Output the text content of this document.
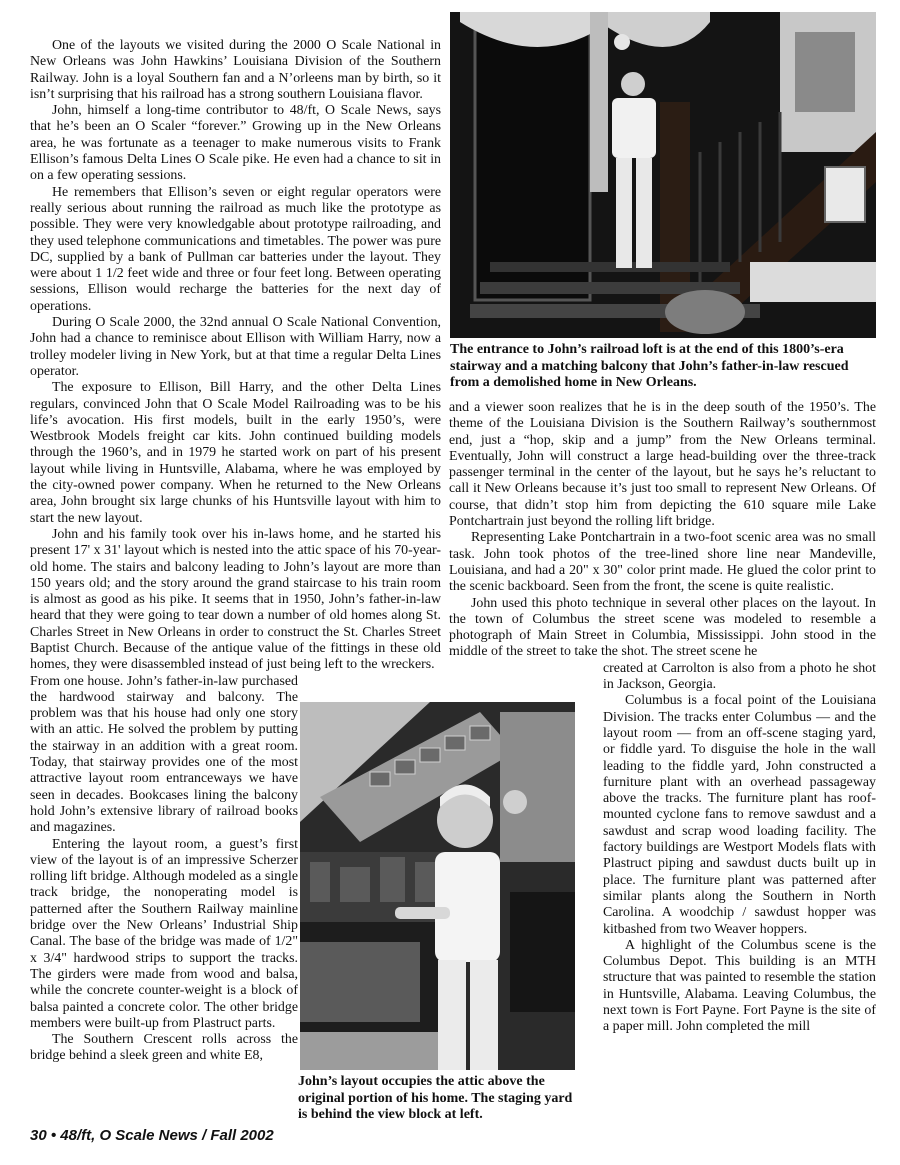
One of the layouts we visited during the 2000 O Scale National in New Orleans was John Hawkins’ Louisiana Division of the Southern Railway. John is a loyal Southern fan and a N’orleens man by birth, so it isn’t surprising that his railroad has a strong southern Louisiana flavor.

John, himself a long-time contributor to 48/ft, O Scale News, says that he’s been an O Scaler “forever.” Growing up in the New Orleans area, he was fortunate as a teenager to make numerous visits to Frank Ellison’s famous Delta Lines O Scale pike. He even had a chance to sit in on a few operating sessions.

He remembers that Ellison’s seven or eight regular operators were really serious about running the railroad as much like the prototype as possible. They were very knowledgable about prototype railroading, and they used telephone communications and timetables. The power was pure DC, supplied by a bank of Pullman car batteries under the layout. They were about 1 1/2 feet wide and three or four feet long. Between operating sessions, Ellison would recharge the batteries for the next day of operations.

During O Scale 2000, the 32nd annual O Scale National Convention, John had a chance to reminisce about Ellison with William Harry, now a trolley modeler living in New York, but at that time a regular Delta Lines operator.

The exposure to Ellison, Bill Harry, and the other Delta Lines regulars, convinced John that O Scale Model Railroading was to be his life’s avocation. His first models, built in the early 1950’s, were Westbrook Models freight car kits. John continued building models through the 1960’s, and in 1979 he started work on part of his present layout while living in Huntsville, Alabama, where he was employed by the city-owned power company. When he returned to the New Orleans area, John brought six large chunks of his Huntsville layout with him to start the new layout.

John and his family took over his in-laws home, and he started his present 17' x 31' layout which is nested into the attic space of his 70-year-old home. The stairs and balcony leading to John’s layout are more than 150 years old; and the story around the grand staircase to his train room is almost as good as his pike. It seems that in 1950, John’s father-in-law heard that they were going to tear down a number of old homes along St. Charles Street in New Orleans in order to construct the St. Charles Street Baptist Church. Because of the antique value of the fittings in these old homes, they were disassembled instead of just being left to the wreckers.

From one house. John’s father-in-law purchased the hardwood stairway and balcony. The problem was that his house had only one story with an attic. He solved the problem by putting the stairway in an addition with a great room. Today, that stairway provides one of the most attractive layout room entranceways we have seen in decades. Bookcases lining the balcony hold John’s extensive library of railroad books and magazines.

Entering the layout room, a guest’s first view of the layout is of an impressive Scherzer rolling lift bridge. Although modeled as a single track bridge, the nonoperating model is patterned after the Southern Railway mainline bridge over the New Orleans’ Industrial Ship Canal. The base of the bridge was made of 1/2" x 3/4" hardwood strips to support the tracks. The girders were made from wood and balsa, while the concrete counter-weight is a block of balsa painted a concrete color. The other bridge members were built-up from Plastruct parts.

The Southern Crescent rolls across the bridge behind a sleek green and white E8,

and a viewer soon realizes that he is in the deep south of the 1950’s. The theme of the Louisiana Division is the Southern Railway’s southernmost end, just a “hop, skip and a jump” from the New Orleans terminal. Eventually, John will construct a large head-building over the three-track passenger terminal in the center of the layout, but he says he’s reluctant to call it New Orleans because it’s just too small to represent New Orleans. Of course, that didn’t stop him from depicting the 610 square mile Lake Pontchartrain just beyond the rolling lift bridge.

Representing Lake Pontchartrain in a two-foot scenic area was no small task. John took photos of the tree-lined shore line near Mandeville, Louisiana, and had a 20" x 30" color print made. He glued the color print to the scenic backboard. Seen from the front, the scene is quite realistic.

John used this photo technique in several other places on the layout. In the town of Columbus the street scene was modeled to resemble a photograph of Main Street in Columbia, Mississippi. John stood in the middle of the street to take the shot. The street scene he

created at Carrolton is also from a photo he shot in Jackson, Georgia.

Columbus is a focal point of the Louisiana Division. The tracks enter Columbus — and the layout room — from an off-scene staging yard, or fiddle yard. To disguise the hole in the wall leading to the fiddle yard, John constructed a furniture plant with an overhead passageway above the tracks. The furniture plant has roof-mounted cyclone fans to remove sawdust and a sawdust and scrap wood loading facility. The factory buildings are Westport Models flats with Plastruct piping and sawdust ducts built up in place. The furniture plant was patterned after similar plants along the Southern in North Carolina. A woodchip / sawdust hopper was kitbashed from two Weaver hoppers.

A highlight of the Columbus scene is the Columbus Depot. This building is an MTH structure that was painted to resemble the station in Huntsville, Alabama. Leaving Columbus, the next town is Fort Payne. Fort Payne is the site of a paper mill. John completed the mill

The entrance to John’s railroad loft is at the end of this 1800’s-era stairway and a matching balcony that John’s father-in-law rescued from a demolished home in New Orleans.
John’s layout occupies the attic above the original portion of his home. The staging yard is behind the view block at left.
30 • 48/ft, O Scale News / Fall 2002
